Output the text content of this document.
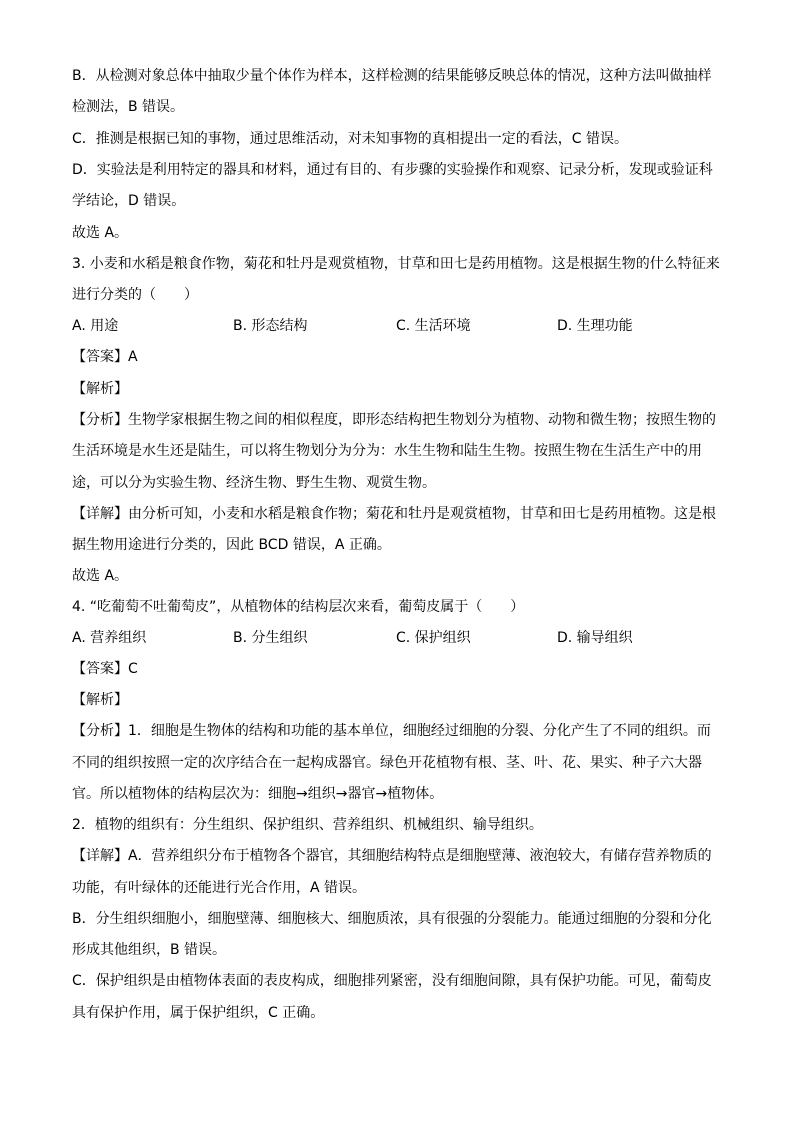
B．从检测对象总体中抽取少量个体作为样本，这样检测的结果能够反映总体的情况，这种方法叫做抽样
检测法，B 错误。
C．推测是根据已知的事物，通过思维活动，对未知事物的真相提出一定的看法，C 错误。
D．实验法是利用特定的器具和材料，通过有目的、有步骤的实验操作和观察、记录分析，发现或验证科
学结论，D 错误。
故选 A。
3. 小麦和水稻是粮食作物，菊花和牡丹是观赏植物，甘草和田七是药用植物。这是根据生物的什么特征来
进行分类的（　　）
A. 用途	B. 形态结构	C. 生活环境	D. 生理功能
【答案】A
【解析】
【分析】生物学家根据生物之间的相似程度，即形态结构把生物划分为植物、动物和微生物；按照生物的
生活环境是水生还是陆生，可以将生物划分为分为：水生生物和陆生生物。按照生物在生活生产中的用
途，可以分为实验生物、经济生物、野生生物、观赏生物。
【详解】由分析可知，小麦和水稻是粮食作物；菊花和牡丹是观赏植物，甘草和田七是药用植物。这是根
据生物用途进行分类的，因此 BCD 错误，A 正确。
故选 A。
4. “吃葡萄不吐葡萄皮”，从植物体的结构层次来看，葡萄皮属于（　　）
A. 营养组织	B. 分生组织	C. 保护组织	D. 输导组织
【答案】C
【解析】
【分析】1．细胞是生物体的结构和功能的基本单位，细胞经过细胞的分裂、分化产生了不同的组织。而
不同的组织按照一定的次序结合在一起构成器官。绿色开花植物有根、茎、叶、花、果实、种子六大器
官。所以植物体的结构层次为：细胞→组织→器官→植物体。
2．植物的组织有：分生组织、保护组织、营养组织、机械组织、输导组织。
【详解】A．营养组织分布于植物各个器官，其细胞结构特点是细胞壁薄、液泡较大，有储存营养物质的
功能，有叶绿体的还能进行光合作用，A 错误。
B．分生组织细胞小，细胞壁薄、细胞核大、细胞质浓，具有很强的分裂能力。能通过细胞的分裂和分化
形成其他组织，B 错误。
C．保护组织是由植物体表面的表皮构成，细胞排列紧密，没有细胞间隙，具有保护功能。可见，葡萄皮
具有保护作用，属于保护组织，C 正确。
